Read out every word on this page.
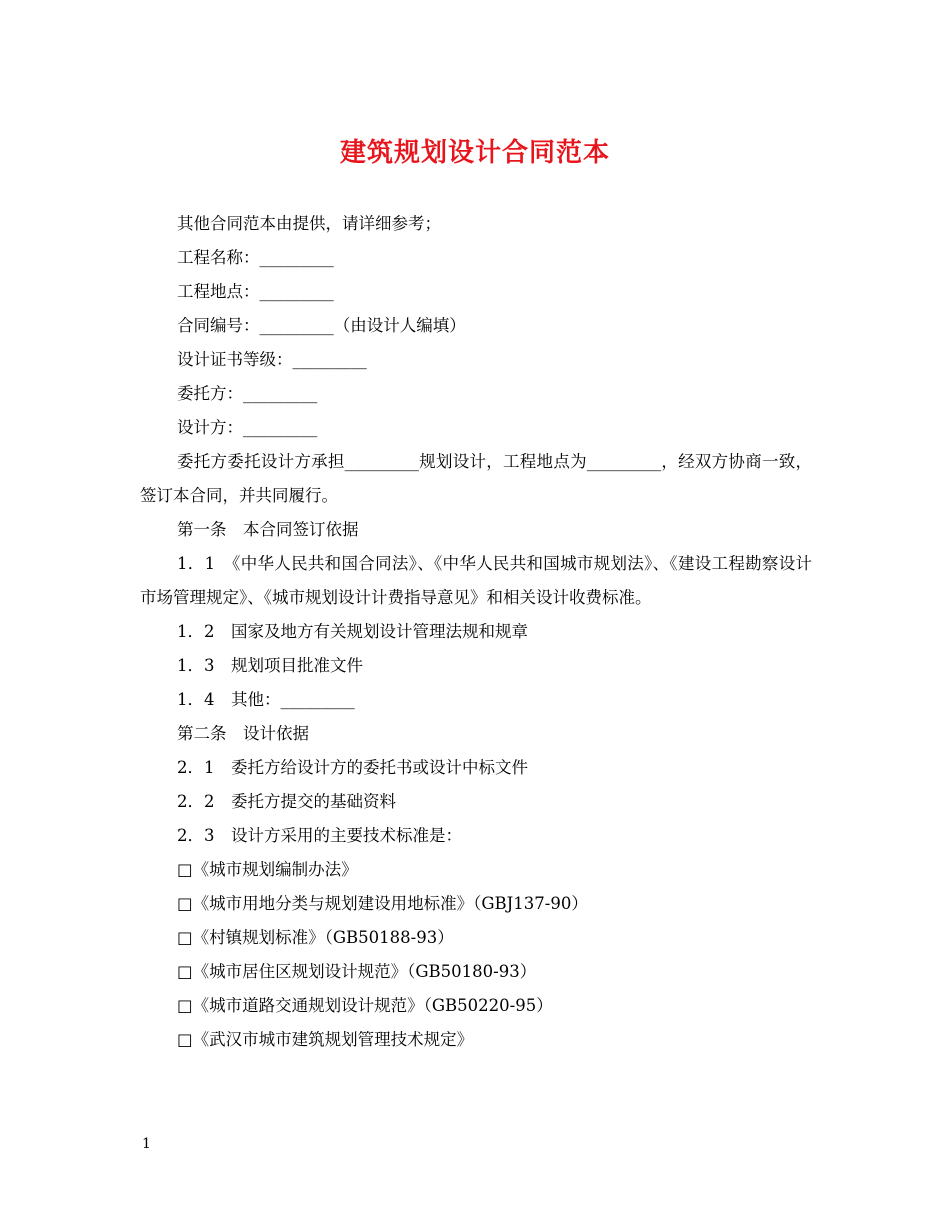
建筑规划设计合同范本

其他合同范本由提供，请详细参考；

工程名称：_________

工程地点：_________

合同编号：_________（由设计人编填）

设计证书等级：_________

委托方：_________

设计方：_________

委托方委托设计方承担_________规划设计，工程地点为_________，经双方协商一致，签订本合同，并共同履行。

第一条　本合同签订依据

1．1　《中华人民共和国合同法》、《中华人民共和国城市规划法》、《建设工程勘察设计市场管理规定》、《城市规划设计计费指导意见》和相关设计收费标准。

1．2　国家及地方有关规划设计管理法规和规章

1．3　规划项目批准文件

1．4　其他：_________

第二条　设计依据

2．1　委托方给设计方的委托书或设计中标文件

2．2　委托方提交的基础资料

2．3　设计方采用的主要技术标准是：

□《城市规划编制办法》

□《城市用地分类与规划建设用地标准》（GBJ137-90）

□《村镇规划标准》（GB50188-93）

□《城市居住区规划设计规范》（GB50180-93）

□《城市道路交通规划设计规范》（GB50220-95）

□《武汉市城市建筑规划管理技术规定》

1
